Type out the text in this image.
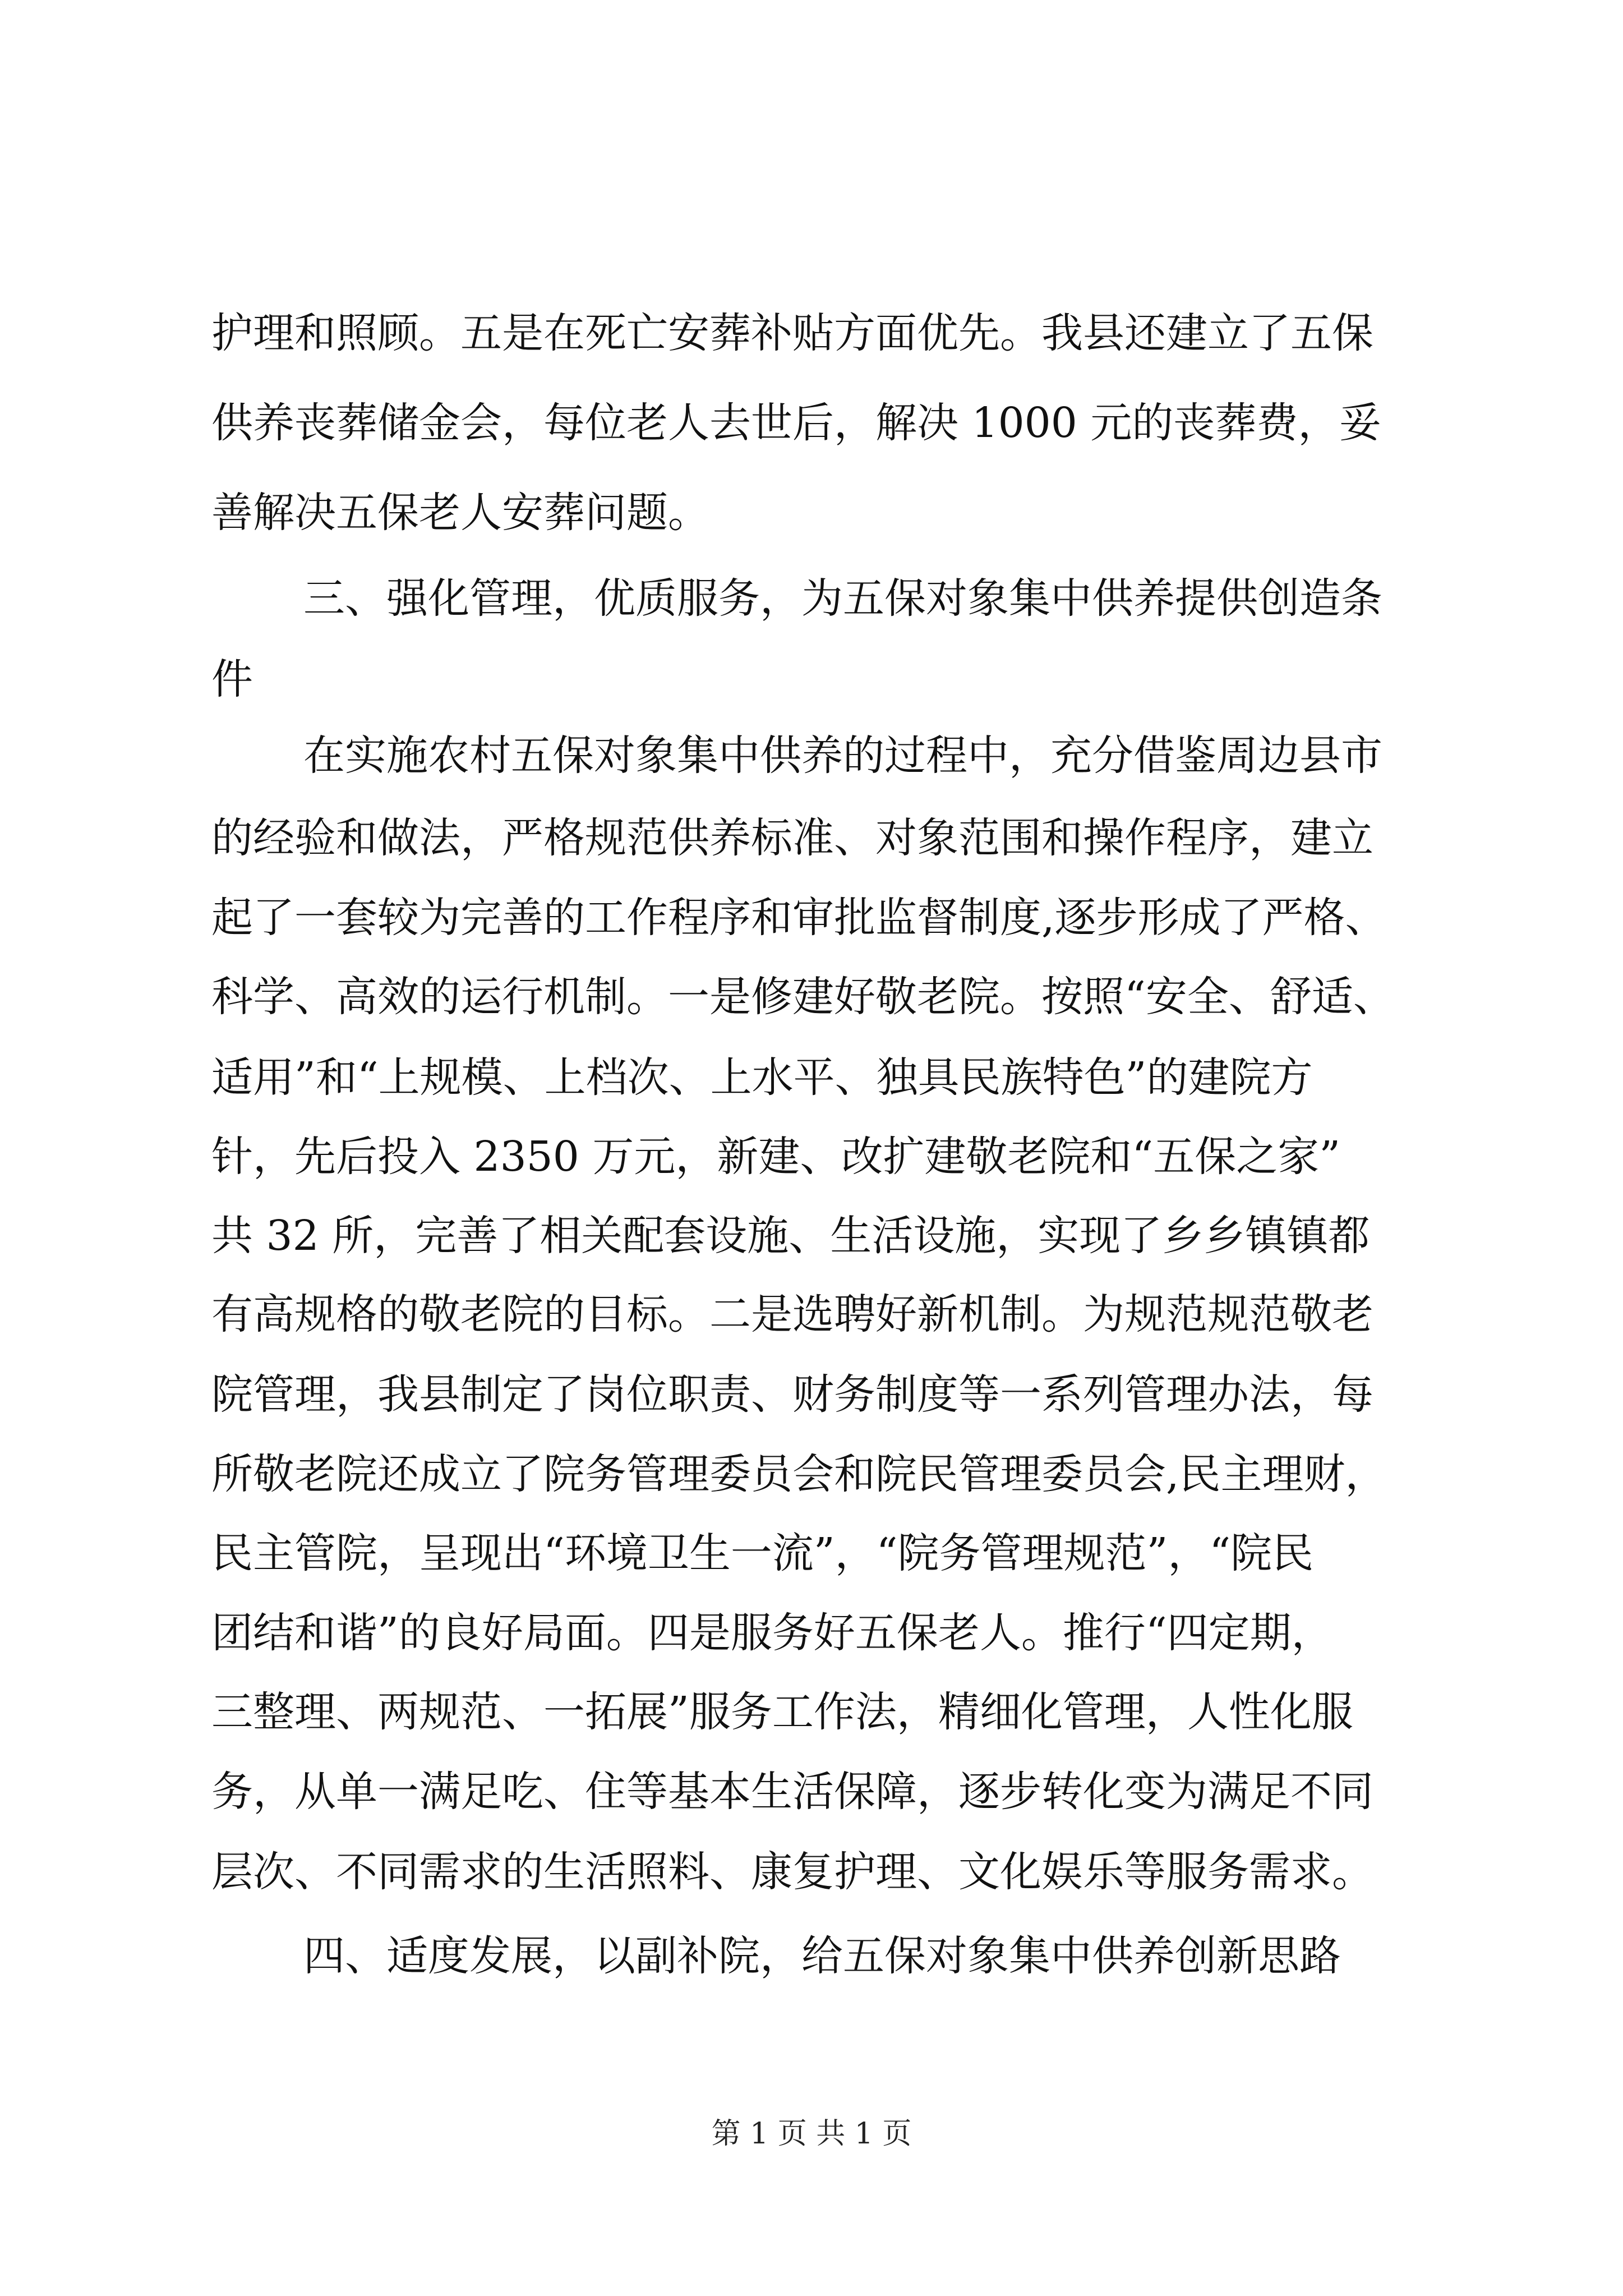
护理和照顾。五是在死亡安葬补贴方面优先。我县还建立了五保
供养丧葬储金会，每位老人去世后，解决 1000 元的丧葬费，妥
善解决五保老人安葬问题。
三、强化管理，优质服务，为五保对象集中供养提供创造条
件
在实施农村五保对象集中供养的过程中，充分借鉴周边县市
的经验和做法，严格规范供养标准、对象范围和操作程序，建立
起了一套较为完善的工作程序和审批监督制度,逐步形成了严格、
科学、高效的运行机制。一是修建好敬老院。按照“安全、舒适、
适用”和“上规模、上档次、上水平、独具民族特色”的建院方
针，先后投入 2350 万元，新建、改扩建敬老院和“五保之家”
共 32 所，完善了相关配套设施、生活设施，实现了乡乡镇镇都
有高规格的敬老院的目标。二是选聘好新机制。为规范规范敬老
院管理，我县制定了岗位职责、财务制度等一系列管理办法，每
所敬老院还成立了院务管理委员会和院民管理委员会,民主理财，
民主管院，呈现出“环境卫生一流”，“院务管理规范”，“院民
团结和谐”的良好局面。四是服务好五保老人。推行“四定期，
三整理、两规范、一拓展”服务工作法，精细化管理，人性化服
务，从单一满足吃、住等基本生活保障，逐步转化变为满足不同
层次、不同需求的生活照料、康复护理、文化娱乐等服务需求。
四、适度发展，以副补院，给五保对象集中供养创新思路
第 1 页 共 1 页
